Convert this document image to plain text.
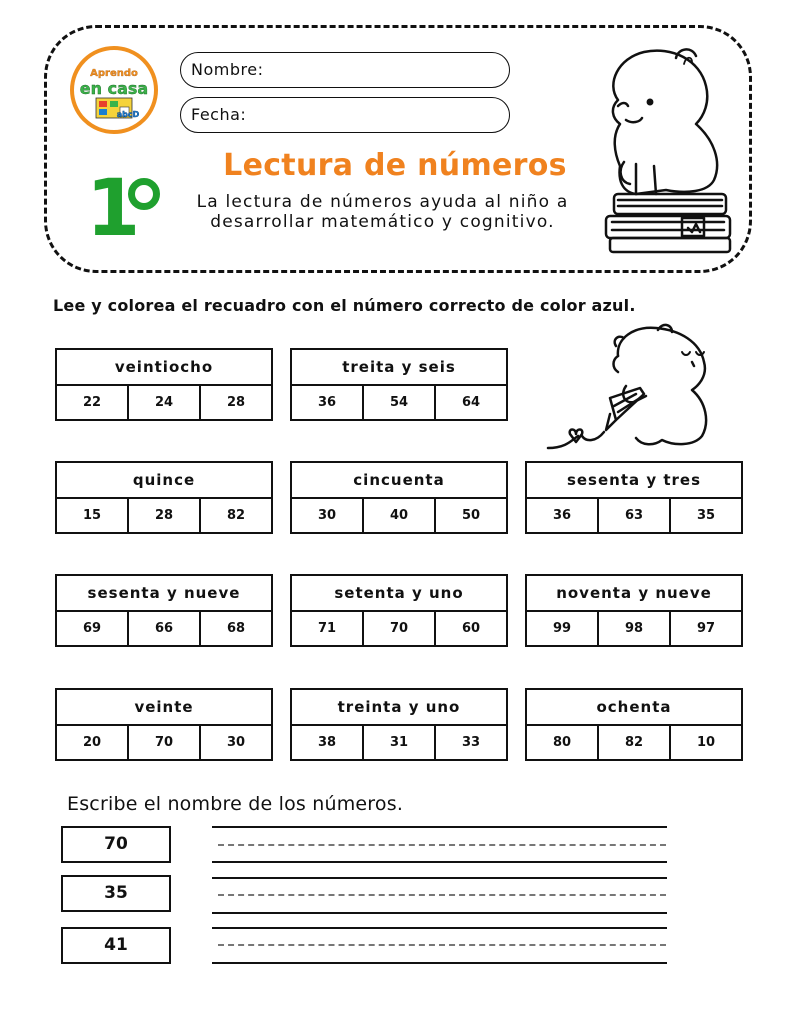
Aprendo
en casa
abcD
Nombre:
Fecha:
1	Lectura de números
La lectura de números ayuda al niño a
desarrollar matemático y cognitivo.
Lee y colorea el recuadro con el número correcto de color azul.
veintiocho
22	24	28
treita y seis
36	54	64
quince
15	28	82
cincuenta
30	40	50
sesenta y tres
36	63	35
sesenta y nueve
69	66	68
setenta y uno
71	70	60
noventa y nueve
99	98	97
veinte
20	70	30
treinta y uno
38	31	33
ochenta
80	82	10
Escribe el nombre de los números.
70
35
41
